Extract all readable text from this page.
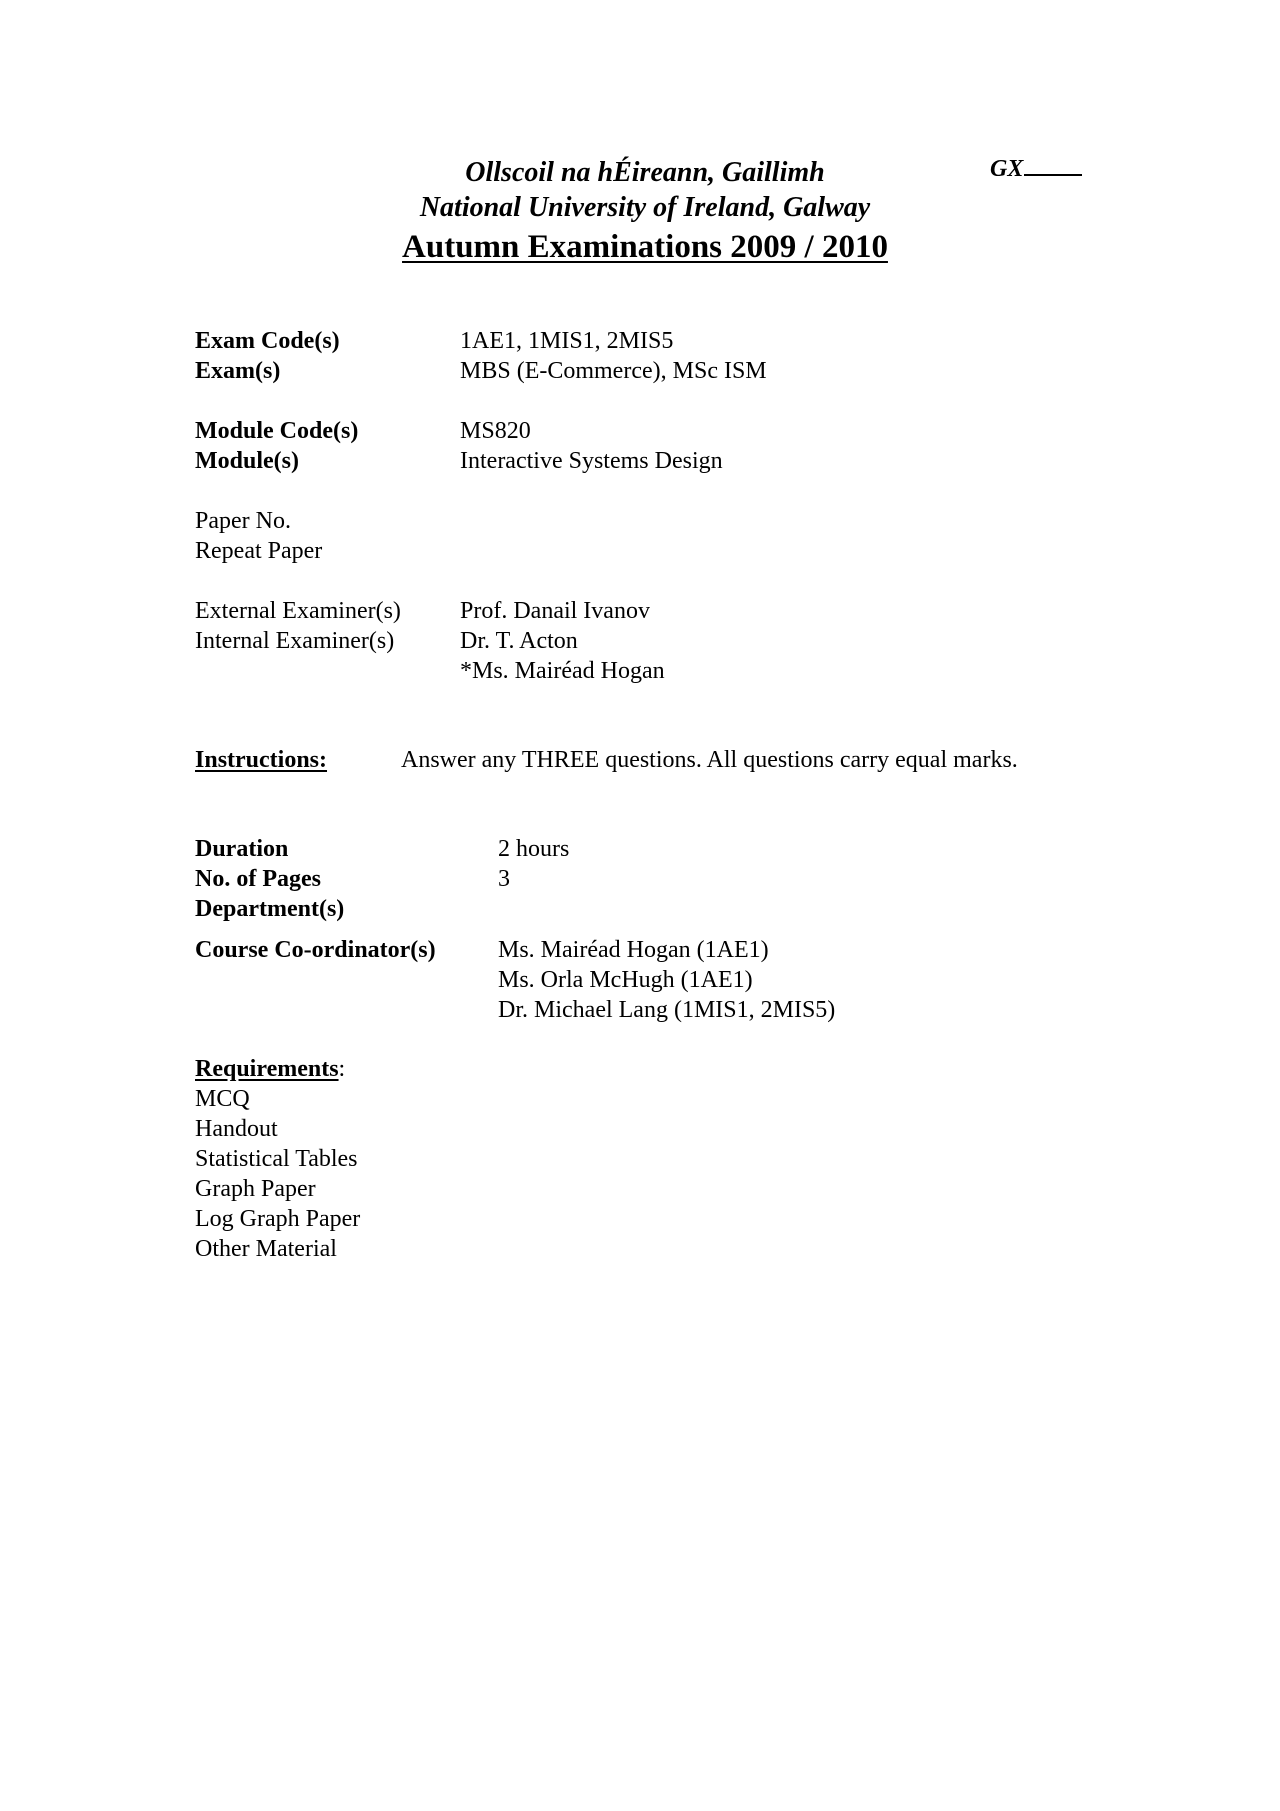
Ollscoil na hÉireann, Gaillimh
National University of Ireland, Galway
Autumn Examinations 2009 / 2010
GX
Exam Code(s)	1AE1, 1MIS1, 2MIS5
Exam(s)	MBS (E-Commerce), MSc ISM
Module Code(s)	MS820
Module(s)	Interactive Systems Design
Paper No.
Repeat Paper
External Examiner(s) Prof. Danail Ivanov
Internal Examiner(s)	Dr. T. Acton
*Ms. Mairéad Hogan
Instructions:	Answer any THREE questions. All questions carry equal marks.
Duration	2 hours
No. of Pages	3
Department(s)
Course Co-ordinator(s)	Ms. Mairéad Hogan (1AE1)
Ms. Orla McHugh (1AE1)
Dr. Michael Lang (1MIS1, 2MIS5)
Requirements:
MCQ
Handout
Statistical Tables
Graph Paper
Log Graph Paper
Other Material
